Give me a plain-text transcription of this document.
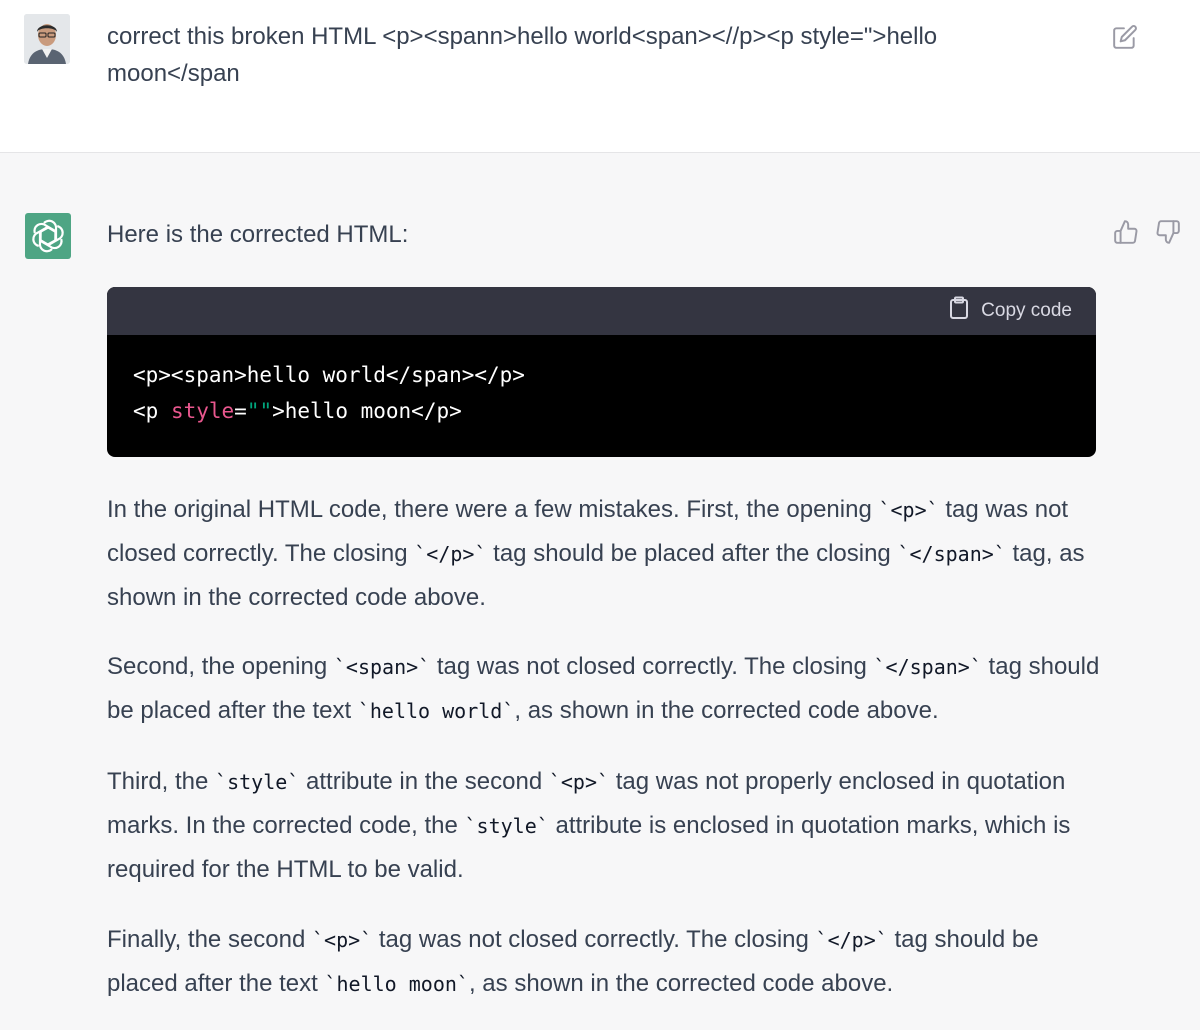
correct this broken HTML <p><spann>hello world<span><//p><p style=">hello moon</span

Here is the corrected HTML:

Copy code
<p><span>hello world</span></p>
<p style="">hello moon</p>

In the original HTML code, there were a few mistakes. First, the opening `<p>` tag was not closed correctly. The closing `</p>` tag should be placed after the closing `</span>` tag, as shown in the corrected code above.

Second, the opening `<span>` tag was not closed correctly. The closing `</span>` tag should be placed after the text `hello world`, as shown in the corrected code above.

Third, the `style` attribute in the second `<p>` tag was not properly enclosed in quotation marks. In the corrected code, the `style` attribute is enclosed in quotation marks, which is required for the HTML to be valid.

Finally, the second `<p>` tag was not closed correctly. The closing `</p>` tag should be placed after the text `hello moon`, as shown in the corrected code above.
